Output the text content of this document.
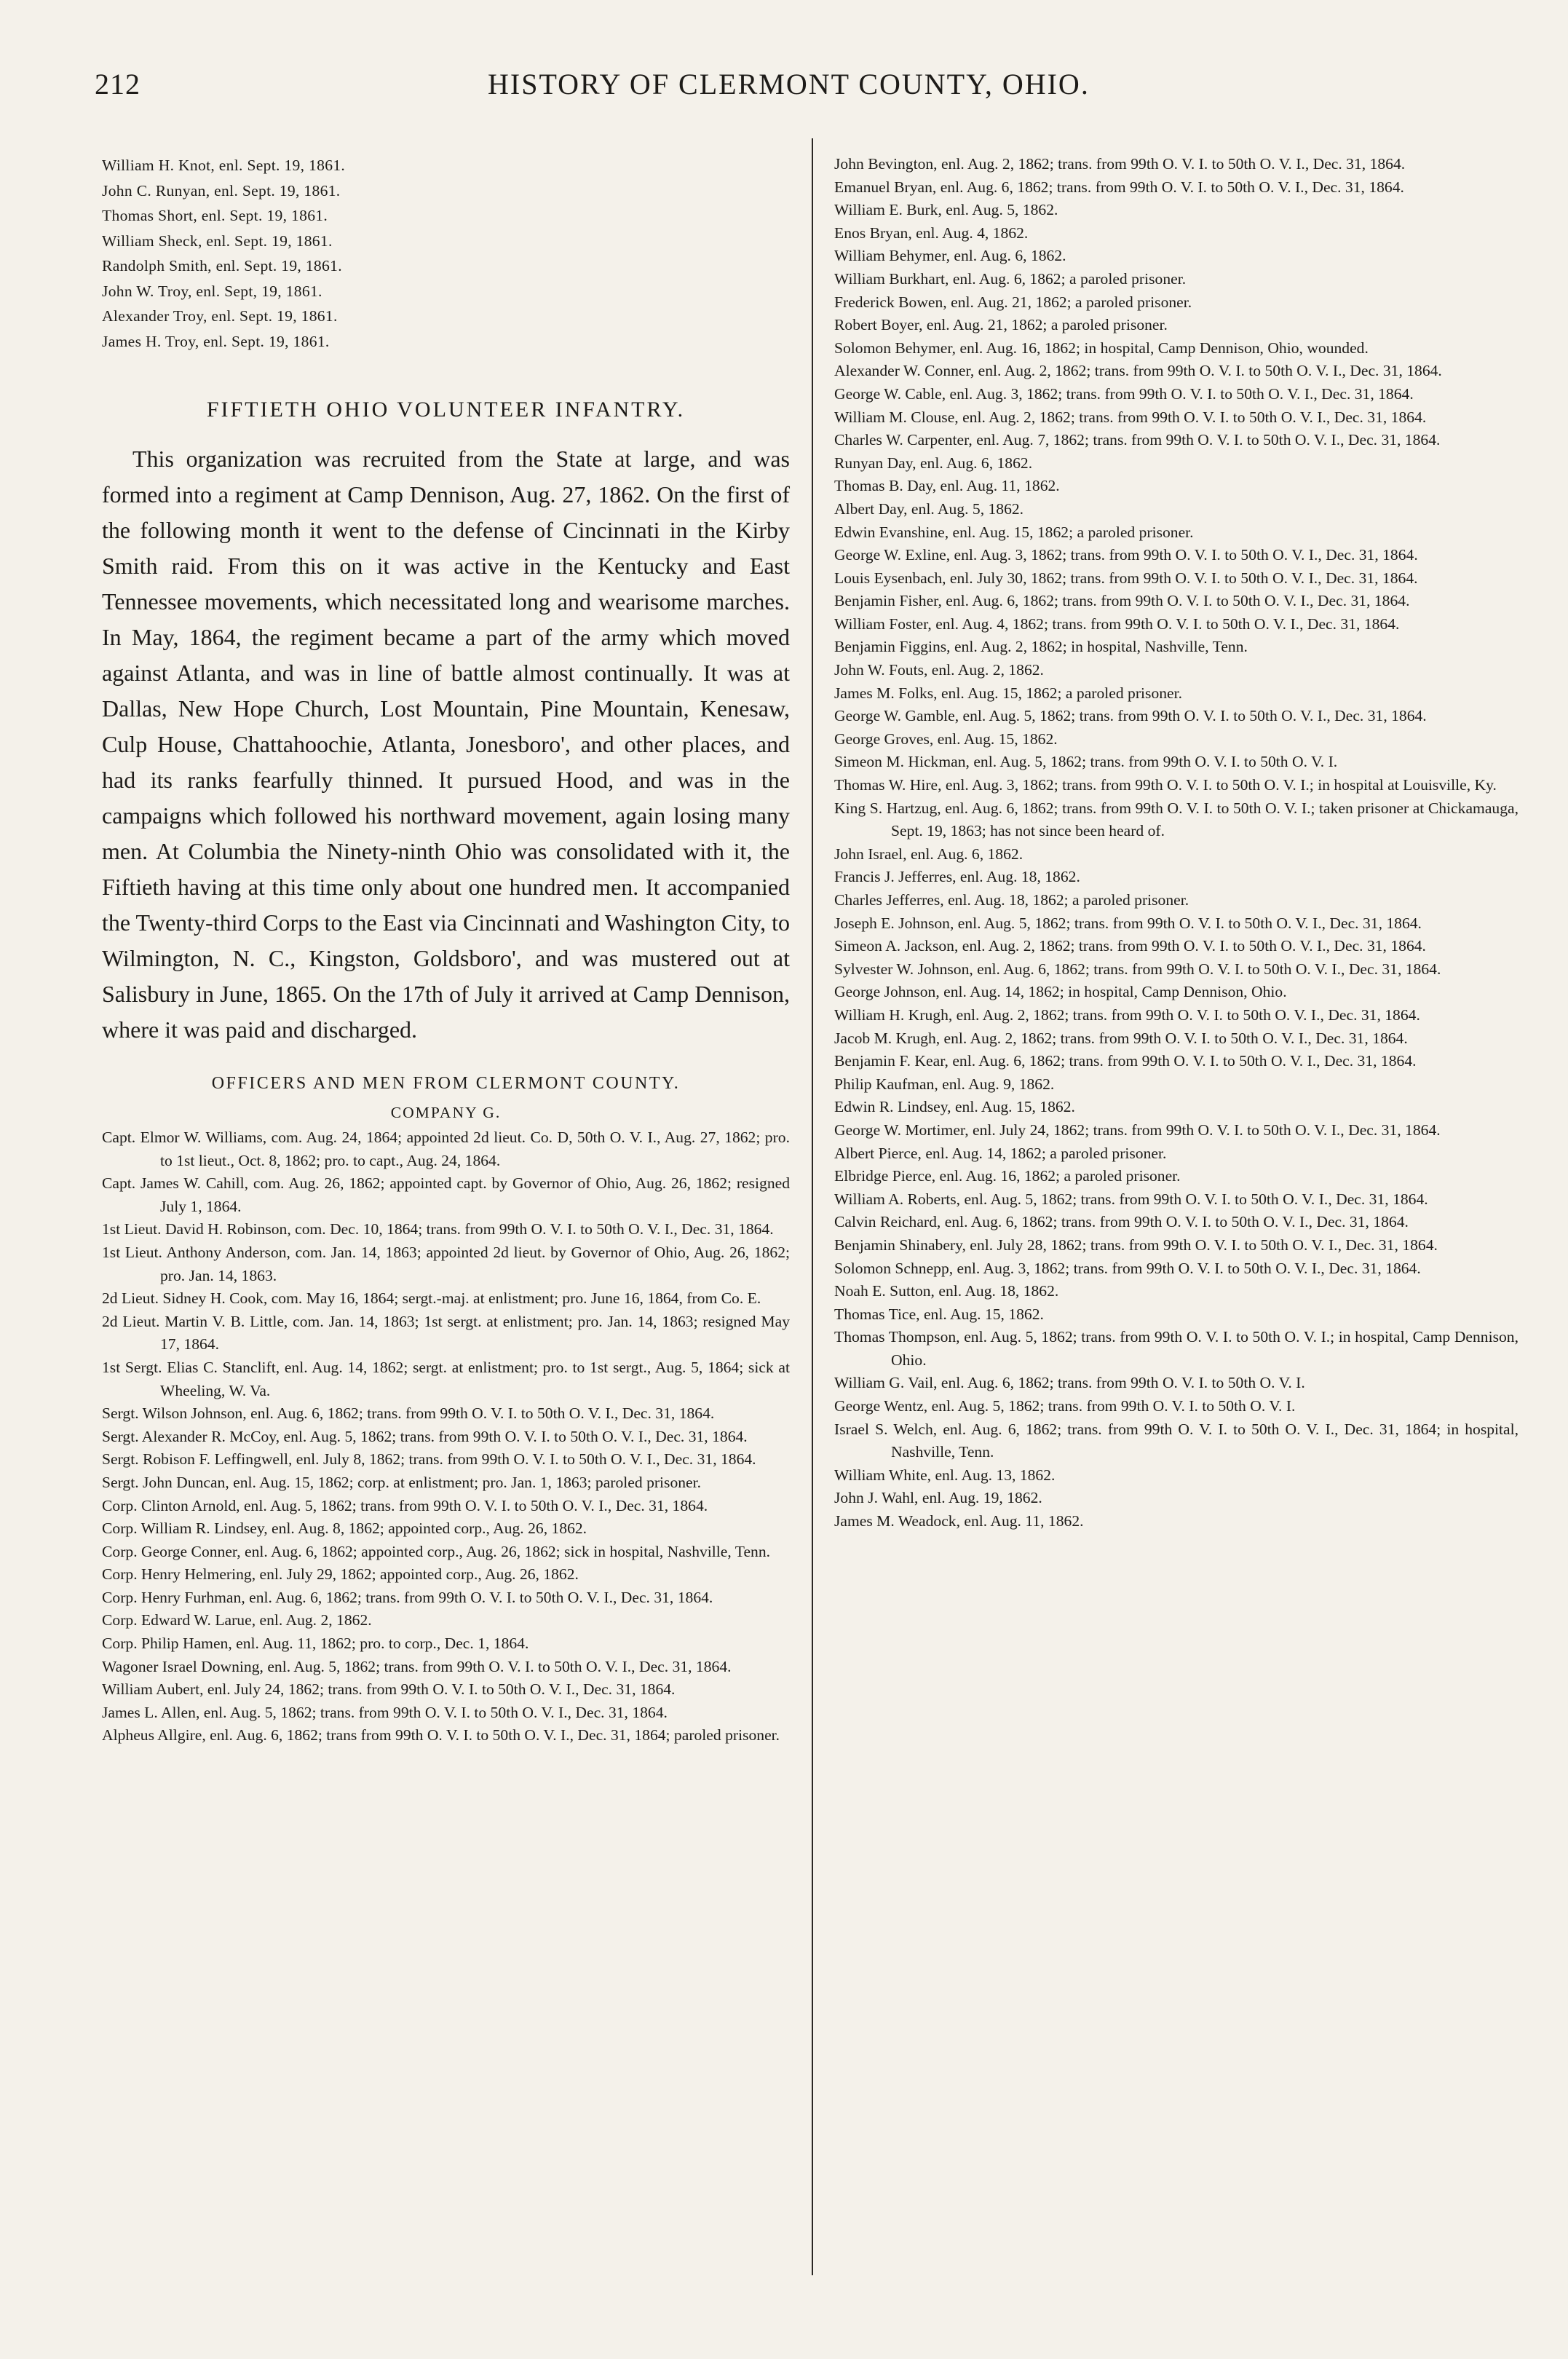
212	HISTORY OF CLERMONT COUNTY, OHIO.

William H. Knot, enl. Sept. 19, 1861.

John C. Runyan, enl. Sept. 19, 1861.

Thomas Short, enl. Sept. 19, 1861.

William Sheck, enl. Sept. 19, 1861.

Randolph Smith, enl. Sept. 19, 1861.

John W. Troy, enl. Sept, 19, 1861.

Alexander Troy, enl. Sept. 19, 1861.

James H. Troy, enl. Sept. 19, 1861.

FIFTIETH OHIO VOLUNTEER INFANTRY.

This organization was recruited from the State at large, and was formed into a regiment at Camp Dennison, Aug. 27, 1862. On the first of the following month it went to the defense of Cincinnati in the Kirby Smith raid. From this on it was active in the Kentucky and East Tennessee movements, which necessitated long and wearisome marches. In May, 1864, the regiment became a part of the army which moved against Atlanta, and was in line of battle almost continually. It was at Dallas, New Hope Church, Lost Mountain, Pine Mountain, Kenesaw, Culp House, Chattahoochie, Atlanta, Jonesboro', and other places, and had its ranks fearfully thinned. It pursued Hood, and was in the campaigns which followed his northward movement, again losing many men. At Columbia the Ninety-ninth Ohio was consolidated with it, the Fiftieth having at this time only about one hundred men. It accompanied the Twenty-third Corps to the East via Cincinnati and Washington City, to Wilmington, N. C., Kingston, Goldsboro', and was mustered out at Salisbury in June, 1865. On the 17th of July it arrived at Camp Dennison, where it was paid and discharged.

OFFICERS AND MEN FROM CLERMONT COUNTY.
COMPANY G.

Capt. Elmor W. Williams, com. Aug. 24, 1864; appointed 2d lieut. Co. D, 50th O. V. I., Aug. 27, 1862; pro. to 1st lieut., Oct. 8, 1862; pro. to capt., Aug. 24, 1864.

Capt. James W. Cahill, com. Aug. 26, 1862; appointed capt. by Governor of Ohio, Aug. 26, 1862; resigned July 1, 1864.

1st Lieut. David H. Robinson, com. Dec. 10, 1864; trans. from 99th O. V. I. to 50th O. V. I., Dec. 31, 1864.

1st Lieut. Anthony Anderson, com. Jan. 14, 1863; appointed 2d lieut. by Governor of Ohio, Aug. 26, 1862; pro. Jan. 14, 1863.

2d Lieut. Sidney H. Cook, com. May 16, 1864; sergt.-maj. at enlistment; pro. June 16, 1864, from Co. E.

2d Lieut. Martin V. B. Little, com. Jan. 14, 1863; 1st sergt. at enlistment; pro. Jan. 14, 1863; resigned May 17, 1864.

1st Sergt. Elias C. Stanclift, enl. Aug. 14, 1862; sergt. at enlistment; pro. to 1st sergt., Aug. 5, 1864; sick at Wheeling, W. Va.

Sergt. Wilson Johnson, enl. Aug. 6, 1862; trans. from 99th O. V. I. to 50th O. V. I., Dec. 31, 1864.

Sergt. Alexander R. McCoy, enl. Aug. 5, 1862; trans. from 99th O. V. I. to 50th O. V. I., Dec. 31, 1864.

Sergt. Robison F. Leffingwell, enl. July 8, 1862; trans. from 99th O. V. I. to 50th O. V. I., Dec. 31, 1864.

Sergt. John Duncan, enl. Aug. 15, 1862; corp. at enlistment; pro. Jan. 1, 1863; paroled prisoner.

Corp. Clinton Arnold, enl. Aug. 5, 1862; trans. from 99th O. V. I. to 50th O. V. I., Dec. 31, 1864.

Corp. William R. Lindsey, enl. Aug. 8, 1862; appointed corp., Aug. 26, 1862.

Corp. George Conner, enl. Aug. 6, 1862; appointed corp., Aug. 26, 1862; sick in hospital, Nashville, Tenn.

Corp. Henry Helmering, enl. July 29, 1862; appointed corp., Aug. 26, 1862.

Corp. Henry Furhman, enl. Aug. 6, 1862; trans. from 99th O. V. I. to 50th O. V. I., Dec. 31, 1864.

Corp. Edward W. Larue, enl. Aug. 2, 1862.

Corp. Philip Hamen, enl. Aug. 11, 1862; pro. to corp., Dec. 1, 1864.

Wagoner Israel Downing, enl. Aug. 5, 1862; trans. from 99th O. V. I. to 50th O. V. I., Dec. 31, 1864.

William Aubert, enl. July 24, 1862; trans. from 99th O. V. I. to 50th O. V. I., Dec. 31, 1864.

James L. Allen, enl. Aug. 5, 1862; trans. from 99th O. V. I. to 50th O. V. I., Dec. 31, 1864.

Alpheus Allgire, enl. Aug. 6, 1862; trans from 99th O. V. I. to 50th O. V. I., Dec. 31, 1864; paroled prisoner.

John Bevington, enl. Aug. 2, 1862; trans. from 99th O. V. I. to 50th O. V. I., Dec. 31, 1864.

Emanuel Bryan, enl. Aug. 6, 1862; trans. from 99th O. V. I. to 50th O. V. I., Dec. 31, 1864.

William E. Burk, enl. Aug. 5, 1862.

Enos Bryan, enl. Aug. 4, 1862.

William Behymer, enl. Aug. 6, 1862.

William Burkhart, enl. Aug. 6, 1862; a paroled prisoner.

Frederick Bowen, enl. Aug. 21, 1862; a paroled prisoner.

Robert Boyer, enl. Aug. 21, 1862; a paroled prisoner.

Solomon Behymer, enl. Aug. 16, 1862; in hospital, Camp Dennison, Ohio, wounded.

Alexander W. Conner, enl. Aug. 2, 1862; trans. from 99th O. V. I. to 50th O. V. I., Dec. 31, 1864.

George W. Cable, enl. Aug. 3, 1862; trans. from 99th O. V. I. to 50th O. V. I., Dec. 31, 1864.

William M. Clouse, enl. Aug. 2, 1862; trans. from 99th O. V. I. to 50th O. V. I., Dec. 31, 1864.

Charles W. Carpenter, enl. Aug. 7, 1862; trans. from 99th O. V. I. to 50th O. V. I., Dec. 31, 1864.

Runyan Day, enl. Aug. 6, 1862.

Thomas B. Day, enl. Aug. 11, 1862.

Albert Day, enl. Aug. 5, 1862.

Edwin Evanshine, enl. Aug. 15, 1862; a paroled prisoner.

George W. Exline, enl. Aug. 3, 1862; trans. from 99th O. V. I. to 50th O. V. I., Dec. 31, 1864.

Louis Eysenbach, enl. July 30, 1862; trans. from 99th O. V. I. to 50th O. V. I., Dec. 31, 1864.

Benjamin Fisher, enl. Aug. 6, 1862; trans. from 99th O. V. I. to 50th O. V. I., Dec. 31, 1864.

William Foster, enl. Aug. 4, 1862; trans. from 99th O. V. I. to 50th O. V. I., Dec. 31, 1864.

Benjamin Figgins, enl. Aug. 2, 1862; in hospital, Nashville, Tenn.

John W. Fouts, enl. Aug. 2, 1862.

James M. Folks, enl. Aug. 15, 1862; a paroled prisoner.

George W. Gamble, enl. Aug. 5, 1862; trans. from 99th O. V. I. to 50th O. V. I., Dec. 31, 1864.

George Groves, enl. Aug. 15, 1862.

Simeon M. Hickman, enl. Aug. 5, 1862; trans. from 99th O. V. I. to 50th O. V. I.

Thomas W. Hire, enl. Aug. 3, 1862; trans. from 99th O. V. I. to 50th O. V. I.; in hospital at Louisville, Ky.

King S. Hartzug, enl. Aug. 6, 1862; trans. from 99th O. V. I. to 50th O. V. I.; taken prisoner at Chickamauga, Sept. 19, 1863; has not since been heard of.

John Israel, enl. Aug. 6, 1862.

Francis J. Jefferres, enl. Aug. 18, 1862.

Charles Jefferres, enl. Aug. 18, 1862; a paroled prisoner.

Joseph E. Johnson, enl. Aug. 5, 1862; trans. from 99th O. V. I. to 50th O. V. I., Dec. 31, 1864.

Simeon A. Jackson, enl. Aug. 2, 1862; trans. from 99th O. V. I. to 50th O. V. I., Dec. 31, 1864.

Sylvester W. Johnson, enl. Aug. 6, 1862; trans. from 99th O. V. I. to 50th O. V. I., Dec. 31, 1864.

George Johnson, enl. Aug. 14, 1862; in hospital, Camp Dennison, Ohio.

William H. Krugh, enl. Aug. 2, 1862; trans. from 99th O. V. I. to 50th O. V. I., Dec. 31, 1864.

Jacob M. Krugh, enl. Aug. 2, 1862; trans. from 99th O. V. I. to 50th O. V. I., Dec. 31, 1864.

Benjamin F. Kear, enl. Aug. 6, 1862; trans. from 99th O. V. I. to 50th O. V. I., Dec. 31, 1864.

Philip Kaufman, enl. Aug. 9, 1862.

Edwin R. Lindsey, enl. Aug. 15, 1862.

George W. Mortimer, enl. July 24, 1862; trans. from 99th O. V. I. to 50th O. V. I., Dec. 31, 1864.

Albert Pierce, enl. Aug. 14, 1862; a paroled prisoner.

Elbridge Pierce, enl. Aug. 16, 1862; a paroled prisoner.

William A. Roberts, enl. Aug. 5, 1862; trans. from 99th O. V. I. to 50th O. V. I., Dec. 31, 1864.

Calvin Reichard, enl. Aug. 6, 1862; trans. from 99th O. V. I. to 50th O. V. I., Dec. 31, 1864.

Benjamin Shinabery, enl. July 28, 1862; trans. from 99th O. V. I. to 50th O. V. I., Dec. 31, 1864.

Solomon Schnepp, enl. Aug. 3, 1862; trans. from 99th O. V. I. to 50th O. V. I., Dec. 31, 1864.

Noah E. Sutton, enl. Aug. 18, 1862.

Thomas Tice, enl. Aug. 15, 1862.

Thomas Thompson, enl. Aug. 5, 1862; trans. from 99th O. V. I. to 50th O. V. I.; in hospital, Camp Dennison, Ohio.

William G. Vail, enl. Aug. 6, 1862; trans. from 99th O. V. I. to 50th O. V. I.

George Wentz, enl. Aug. 5, 1862; trans. from 99th O. V. I. to 50th O. V. I.

Israel S. Welch, enl. Aug. 6, 1862; trans. from 99th O. V. I. to 50th O. V. I., Dec. 31, 1864; in hospital, Nashville, Tenn.

William White, enl. Aug. 13, 1862.

John J. Wahl, enl. Aug. 19, 1862.

James M. Weadock, enl. Aug. 11, 1862.
